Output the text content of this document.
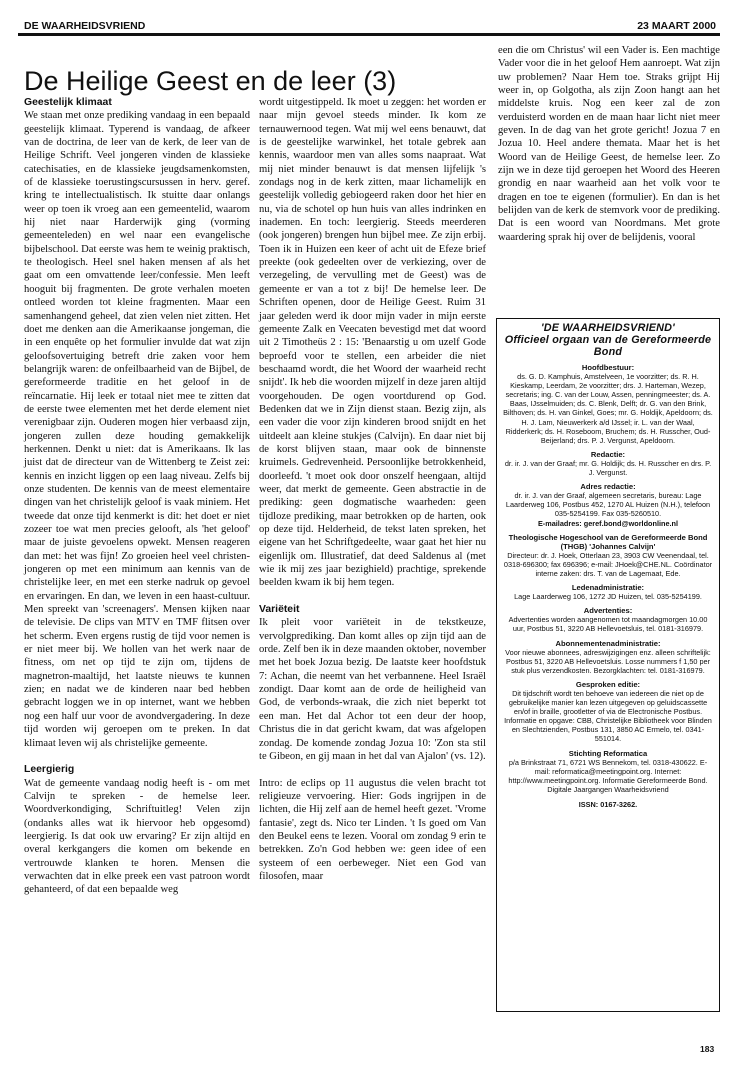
DE WAARHEIDSVRIEND	23 MAART 2000
De Heilige Geest en de leer (3)

Geestelijk klimaat

We staan met onze prediking vandaag in een bepaald geestelijk klimaat. Typerend is vandaag, de afkeer van de doctrina, de leer van de kerk, de leer van de Heilige Schrift. Veel jongeren vinden de klassieke catechisaties, en de klassieke jeugdsamenkomsten, of de klassieke toerustingscursussen in herv. geref. kring te intellectualistisch. Ik stuitte daar onlangs weer op toen ik vroeg aan een gemeentelid, waarom hij niet naar Harderwijk ging (vorming gemeenteleden) en wel naar een evangelische bijbelschool. Dat eerste was hem te weinig praktisch, te theologisch. Heel snel haken mensen af als het gaat om een omvattende leer/confessie. Men leeft hooguit bij fragmenten. De grote verhalen moeten ontleed worden tot kleine fragmenten. Maar een samenhangend geheel, dat zien velen niet zitten. Het doet me denken aan die Amerikaanse jongeman, die in een enquête op het formulier invulde dat wat zijn geloofsovertuiging betreft drie zaken voor hem belangrijk waren: de onfeilbaarheid van de Bijbel, de gereformeerde traditie en het geloof in de reïncarnatie. Hij leek er totaal niet mee te zitten dat de eerste twee elementen met het derde element niet verenigbaar zijn. Ouderen mogen hier verbaasd zijn, jongeren zullen deze houding gemakkelijk herkennen. Denkt u niet: dat is Amerikaans. Ik las juist dat de directeur van de Wittenberg te Zeist zei: kennis en inzicht liggen op een laag niveau. Zelfs bij onze studenten. De kennis van de meest elementaire dingen van het christelijk geloof is vaak miniem. Het tweede dat onze tijd kenmerkt is dit: het doet er niet zozeer toe wat men precies gelooft, als 'het geloof' maar de juiste gevoelens opwekt. Mensen reageren dan met: het was fijn! Zo groeien heel veel christen-jongeren op met een minimum aan kennis van de christelijke leer, en met een sterke nadruk op gevoel en ervaringen. En dan, we leven in een haast-cultuur. Men spreekt van 'screenagers'. Mensen kijken naar de televisie. De clips van MTV en TMF flitsen over het scherm. Even ergens rustig de tijd voor nemen is er niet meer bij. We hollen van het werk naar de fitness, om net op tijd te zijn om, tijdens de magnetron-maaltijd, het laatste nieuws te kunnen zien; en nadat we de kinderen naar bed hebben gebracht loggen we in op internet, want we hebben nog een half uur voor de avondvergadering. In deze tijd worden wij geroepen om te preken. In dat klimaat leven wij als christelijke gemeente.

Leergierig

Wat de gemeente vandaag nodig heeft is - om met Calvijn te spreken - de hemelse leer. Woordverkondiging, Schriftuitleg! Velen zijn (ondanks alles wat ik hiervoor heb opgesomd) leergierig. Is dat ook uw ervaring? Er zijn altijd en overal kerkgangers die komen om bekende en vertrouwde klanken te horen. Mensen die verwachten dat in elke preek een vast patroon wordt gehanteerd, of dat een bepaalde weg

wordt uitgestippeld. Ik moet u zeggen: het worden er naar mijn gevoel steeds minder. Ik kom ze ternauwernood tegen. Wat mij wel eens benauwt, dat is de geestelijke warwinkel, het totale gebrek aan kennis, waardoor men van alles soms naapraat. Wat mij niet minder benauwt is dat mensen lijfelijk 's zondags nog in de kerk zitten, maar lichamelijk en geestelijk volledig gebiogeerd raken door het hier en nu, via de schotel op hun huis van alles indrinken en inademen. En toch: leergierig. Steeds meerderen (ook jongeren) brengen hun bijbel mee. Ze zijn erbij. Toen ik in Huizen een keer of acht uit de Efeze brief preekte (ook gedeelten over de verkiezing, over de verzegeling, de vervulling met de Geest) was de gemeente er van a tot z bij! De hemelse leer. De Schriften openen, door de Heilige Geest. Ruim 31 jaar geleden werd ik door mijn vader in mijn eerste gemeente Zalk en Veecaten bevestigd met dat woord uit 2 Timotheüs 2 : 15: 'Benaarstig u om uzelf Gode beproefd voor te stellen, een arbeider die niet beschaamd wordt, die het Woord der waarheid recht snijdt'. Ik heb die woorden mijzelf in deze jaren altijd voorgehouden. De ogen voortdurend op God. Bedenken dat we in Zijn dienst staan. Bezig zijn, als een vader die voor zijn kinderen brood snijdt en het uitdeelt aan kleine stukjes (Calvijn). En daar niet bij de korst blijven staan, maar ook de binnenste kruimels. Gedrevenheid. Persoonlijke betrokkenheid, doorleefd. 't moet ook door onszelf heengaan, altijd weer, dat merkt de gemeente. Geen abstractie in de prediking: geen dogmatische waarheden: geen tijdloze prediking, maar betrokken op de harten, ook op deze tijd. Helderheid, de tekst laten spreken, het eigene van het Schriftgedeelte, waar gaat het hier nu eigenlijk om. Illustratief, dat deed Saldenus al (met wie ik mij zes jaar bezighield) prachtige, sprekende beelden kwam ik bij hem tegen.

Variëteit

Ik pleit voor variëteit in de tekstkeuze, vervolgprediking. Dan komt alles op zijn tijd aan de orde. Zelf ben ik in deze maanden oktober, november met het boek Jozua bezig. De laatste keer hoofdstuk 7: Achan, die neemt van het verbannene. Heel Israël zondigt. Daar komt aan de orde de heiligheid van God, de verbonds-wraak, die zich niet beperkt tot een man. Het dal Achor tot een deur der hoop, Christus die in dat gericht kwam, dat was afgelopen zondag. De komende zondag Jozua 10: 'Zon sta stil te Gibeon, en gij maan in het dal van Ajalon' (vs. 12).

Intro: de eclips op 11 augustus die velen bracht tot religieuze vervoering. Hier: Gods ingrijpen in de lichten, die Hij zelf aan de hemel heeft gezet. 'Vrome fantasie', zegt ds. Nico ter Linden. 't Is goed om Van den Beukel eens te lezen. Vooral om zondag 9 erin te betrekken. Zo'n God hebben we: geen idee of een systeem of een oerbeweger. Niet een God van filosofen, maar

een die om Christus' wil een Vader is. Een machtige Vader voor die in het geloof Hem aanroept. Wat zijn uw problemen? Naar Hem toe. Straks grijpt Hij weer in, op Golgotha, als zijn Zoon hangt aan het middelste kruis. Nog een keer zal de zon verduisterd worden en de maan haar licht niet meer geven. In de dag van het grote gericht! Jozua 7 en Jozua 10. Heel andere themata. Maar het is het Woord van de Heilige Geest, de hemelse leer. Zo zijn we in deze tijd geroepen het Woord des Heeren grondig en naar waarheid aan het volk voor te dragen en toe te eigenen (formulier). En dan is het belijden van de kerk de stemvork voor de prediking. Dat is een woord van Noordmans. Met grote waardering sprak hij over de belijdenis, vooral

'DE WAARHEIDSVRIEND'
Officieel orgaan van de Gereformeerde Bond
Hoofdbestuur:
ds. G. D. Kamphuis, Amstelveen, 1e voorzitter; ds. R. H. Kieskamp, Leerdam, 2e voorzitter; drs. J. Harteman, Wezep, secretaris; ing. C. van der Louw, Assen, penningmeester; ds. A. Baas, IJsselmuiden; ds. C. Blenk, Delft; dr. G. van den Brink, Bilthoven; ds. H. van Ginkel, Goes; mr. G. Holdijk, Apeldoorn; ds. H. J. Lam, Nieuwerkerk a/d IJssel; ir. L. van der Waal, Ridderkerk; ds. H. Roseboom, Bruchem; ds. H. Russcher, Oud-Beijerland; drs. P. J. Vergunst, Apeldoorn.
Redactie:
dr. ir. J. van der Graaf; mr. G. Holdijk; ds. H. Russcher en drs. P. J. Vergunst.
Adres redactie:
dr. ir. J. van der Graaf, algemeen secretaris, bureau: Lage Laarderweg 106, Postbus 452, 1270 AL Huizen (N.H.), telefoon 035-5254199. Fax 035-5260510.
E-mailadres: geref.bond@worldonline.nl
Theologische Hogeschool van de Gereformeerde Bond (THGB) 'Johannes Calvijn'
Directeur: dr. J. Hoek, Otterlaan 23, 3903 CW Veenendaal, tel. 0318-696300; fax 696396; e-mail: JHoek@CHE.NL. Coördinator interne zaken: drs. T. van de Lagemaat, Ede.
Ledenadministratie:
Lage Laarderweg 106, 1272 JD Huizen, tel. 035-5254199.
Advertenties:
Advertenties worden aangenomen tot maandagmorgen 10.00 uur, Postbus 51, 3220 AB Hellevoetsluis, tel. 0181-316979.
Abonnementenadministratie:
Voor nieuwe abonnees, adreswijzigingen enz. alleen schriftelijk: Postbus 51, 3220 AB Hellevoetsluis. Losse nummers f 1,50 per stuk plus verzendkosten. Bezorgklachten: tel. 0181-316979.
Gesproken editie:
Dit tijdschrift wordt ten behoeve van iedereen die niet op de gebruikelijke manier kan lezen uitgegeven op geluidscassette en/of in braille, grootletter of via de Electronische Postbus. Informatie en opgave: CBB, Christelijke Bibliotheek voor Blinden en Slechtzienden, Postbus 131, 3850 AC Ermelo, tel. 0341-551014.
Stichting Reformatica
p/a Brinkstraat 71, 6721 WS Bennekom, tel. 0318-430622. E-mail: reformatica@meetingpoint.org. Internet: http://www.meetingpoint.org. Informatie Gereformeerde Bond. Digitale Jaargangen Waarheidsvriend
ISSN: 0167-3262.
183
